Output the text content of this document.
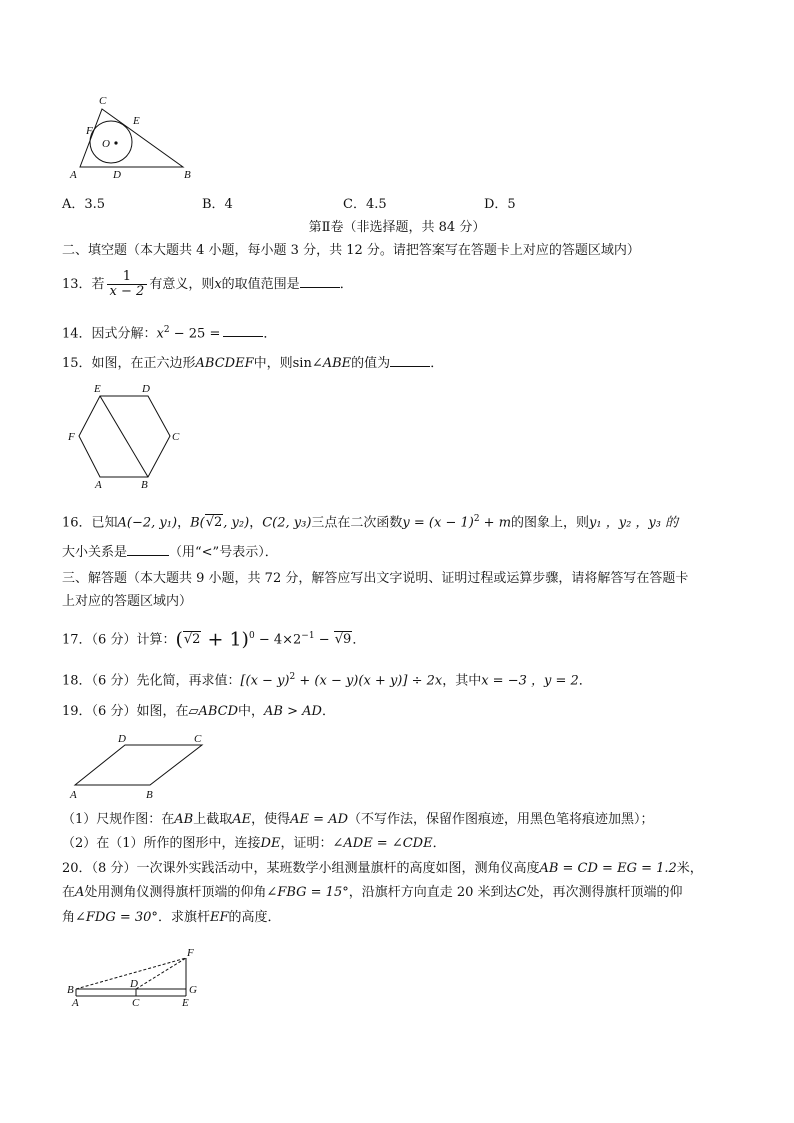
C
F
E
O
A	D	B
A．3.5	B．4	C．4.5	D．5
第Ⅱ卷（非选择题，共 84 分）
二、填空题（本大题共 4 小题，每小题 3 分，共 12 分。请把答案写在答题卡上对应的答题区域内）
13．若 $\frac{1}{x - 2}$ 有意义，则x的取值范围是	．
14．因式分解：$x^2 - 25$ =	．
15．如图，在正六边形ABCDEF中，则sin∠ABE的值为	．
E	D
F	C
A	B
16．已知A(−2, y₁)，B(√2, y₂)，C(2, y₃)三点在二次函数$y = (x - 1)^2 + m$的图象上，则y₁ ，y₂ ，y₃ 的
大小关系是	（用“<”号表示）．
三、解答题（本大题共 9 小题，共 72 分，解答应写出文字说明、证明过程或运算步骤，请将解答写在答题卡
上对应的答题区域内）
17．（6 分）计算：$(√2 + 1)^0 - 4\times 2^{-1} - √9$．
18．（6 分）先化简，再求值：$[(x - y)^2 + (x - y)(x + y)] \div 2x$，其中x = −3 ，y = 2．
19．（6 分）如图，在▱ABCD中，AB > AD．
D	C
A	B
（1）尺规作图：在AB上截取AE，使得AE = AD（不写作法，保留作图痕迹，用黑色笔将痕迹加黑）；
（2）在（1）所作的图形中，连接DE，证明：∠ADE = ∠CDE．
20．（8 分）一次课外实践活动中，某班数学小组测量旗杆的高度如图，测角仪高度AB = CD = EG = 1.2米，
在A处用测角仪测得旗杆顶端的仰角∠FBG = 15°，沿旗杆方向直走 20 米到达C处，再次测得旗杆顶端的仰
角∠FDG = 30°．求旗杆EF的高度．
F
B	D	G
A	C	E
